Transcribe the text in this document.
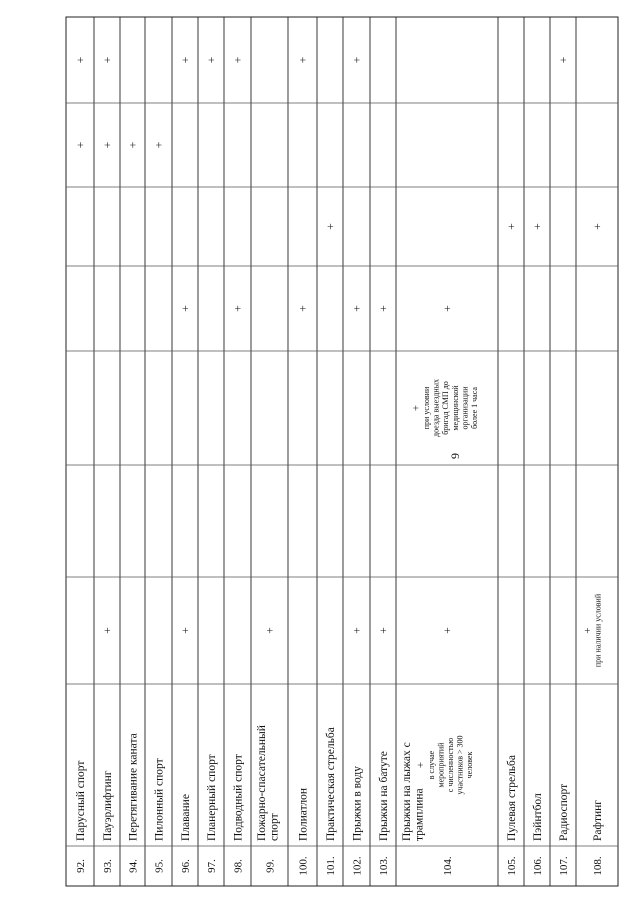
9
92.
Парусный спорт
+
+
93.
Пауэрлифтинг
+
+
+
94.
Перетягивание каната
+
95.
Пилонный спорт
+
96.
Плавание
+
+
+
97.
Планерный спорт
+
98.
Подводный спорт
+
+
99.
Пожарно-спасательный спорт
+
100.
Полиатлон
+
+
101.
Практическая стрельба
+
102.
Прыжки в воду
+
+
+
103.
Прыжки на батуте
+
+
104.
Прыжки на лыжах с трамплина
+
+
+ в случае мероприятий с численностью участников > 300 человек
+ при условии доезда выездных бригад СМП до медицинской организации более 1 часа
105.
Пулевая стрельба
+
106.
Пэйнтбол
+
107.
Радиоспорт
+
108.
Рафтинг
+
+ при наличии условий
